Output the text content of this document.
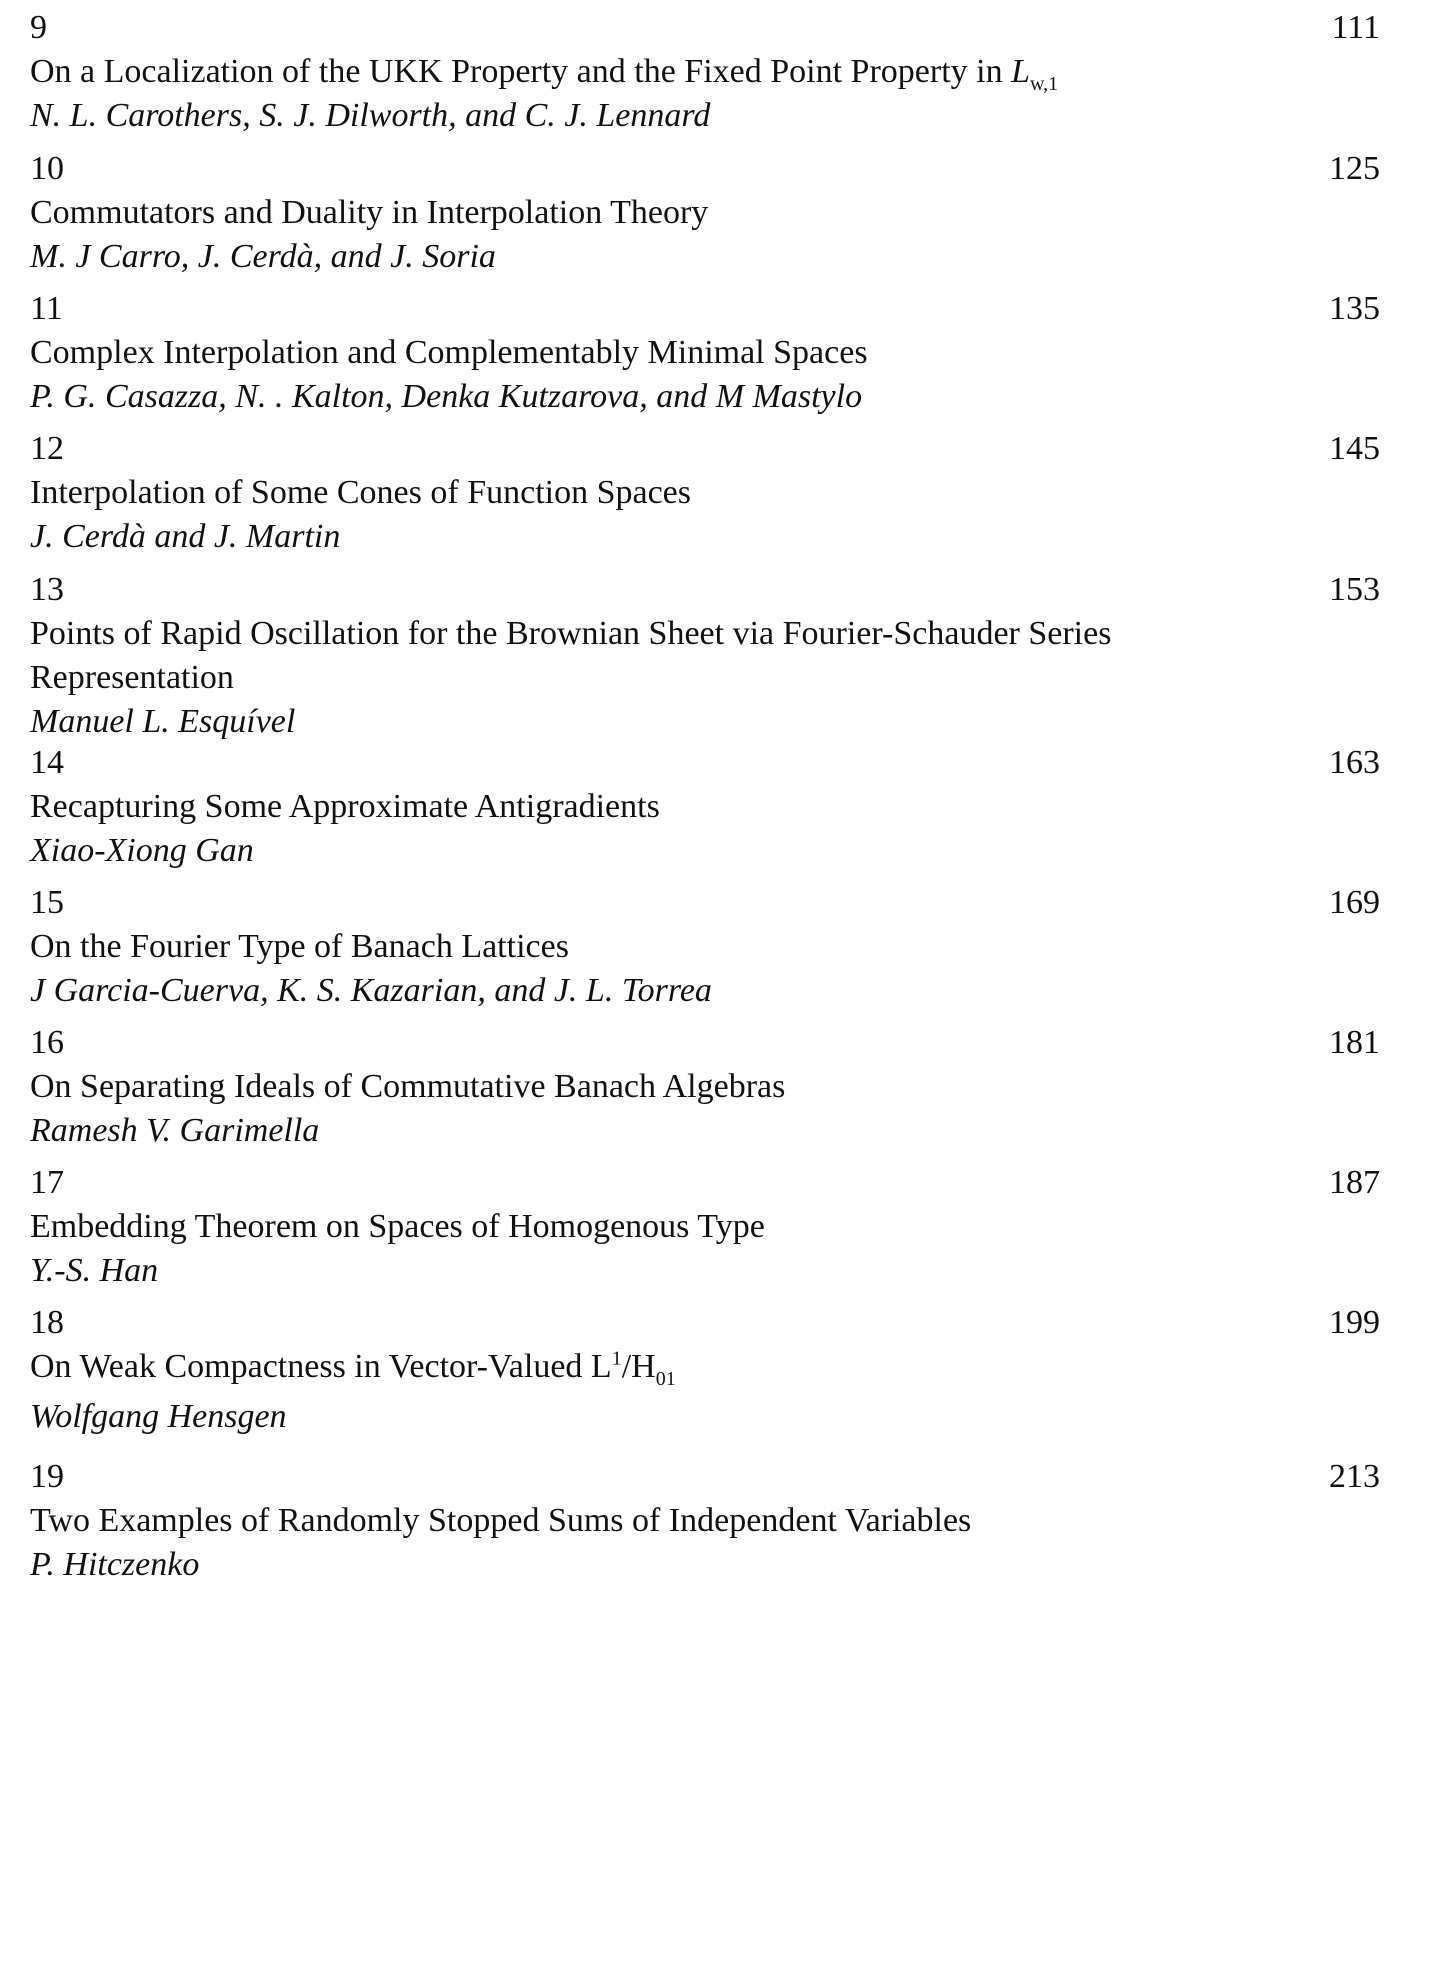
9	111
On a Localization of the UKK Property and the Fixed Point Property in $L_{w,1}$
N. L. Carothers, S. J. Dilworth, and C. J. Lennard
10	125
Commutators and Duality in Interpolation Theory
M. J Carro, J. Cerdà, and J. Soria
11	135
Complex Interpolation and Complementably Minimal Spaces
P. G. Casazza, N. . Kalton, Denka Kutzarova, and M Mastylo
12	145
Interpolation of Some Cones of Function Spaces
J. Cerdà and J. Martin
13	153
Points of Rapid Oscillation for the Brownian Sheet via Fourier-Schauder Series Representation
Manuel L. Esquível
14	163
Recapturing Some Approximate Antigradients
Xiao-Xiong Gan
15	169
On the Fourier Type of Banach Lattices
J Garcia-Cuerva, K. S. Kazarian, and J. L. Torrea
16	181
On Separating Ideals of Commutative Banach Algebras
Ramesh V. Garimella
17	187
Embedding Theorem on Spaces of Homogenous Type
Y.-S. Han
18	199
On Weak Compactness in Vector-Valued $L^1/H_{01}$
Wolfgang Hensgen
19	213
Two Examples of Randomly Stopped Sums of Independent Variables
P. Hitczenko
